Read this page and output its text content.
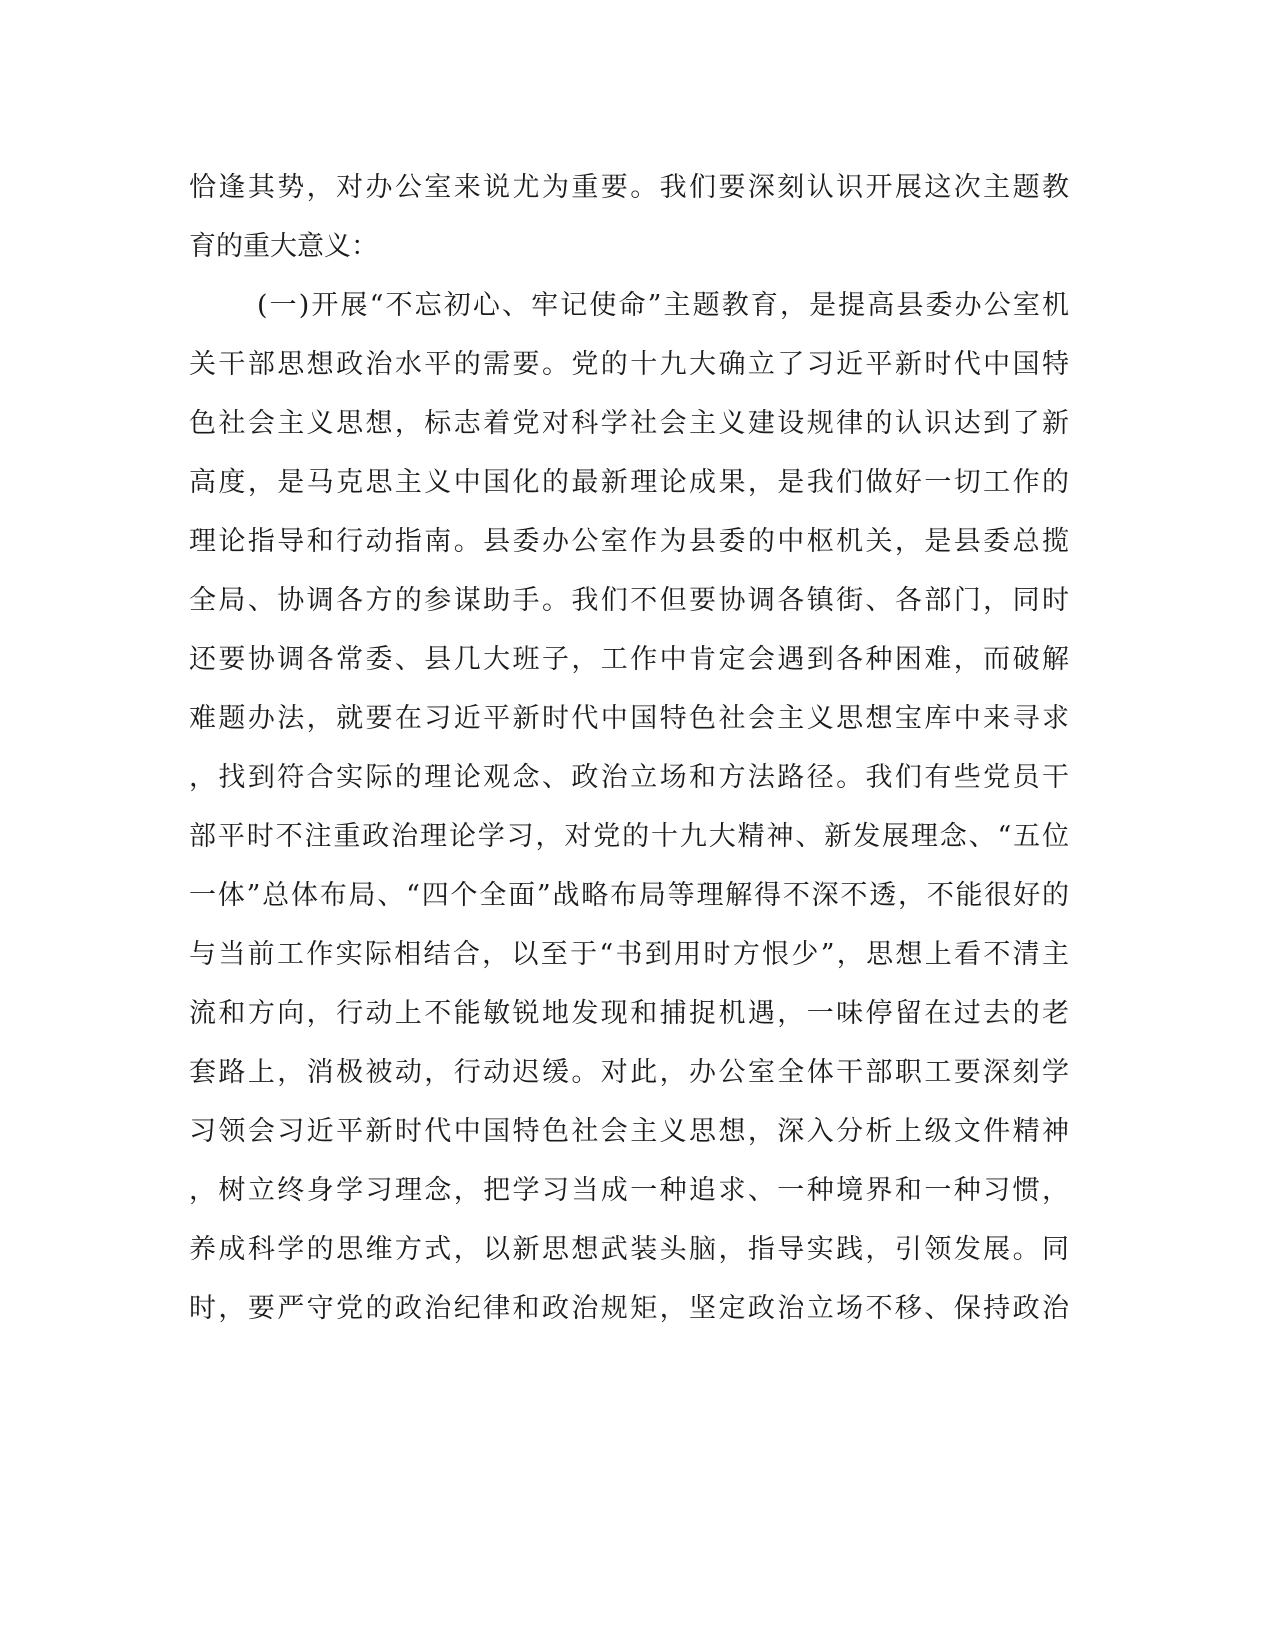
恰逢其势，对办公室来说尤为重要。我们要深刻认识开展这次主题教
育的重大意义：
(一)开展“不忘初心、牢记使命”主题教育，是提高县委办公室机
关干部思想政治水平的需要。党的十九大确立了习近平新时代中国特
色社会主义思想，标志着党对科学社会主义建设规律的认识达到了新
高度，是马克思主义中国化的最新理论成果，是我们做好一切工作的
理论指导和行动指南。县委办公室作为县委的中枢机关，是县委总揽
全局、协调各方的参谋助手。我们不但要协调各镇街、各部门，同时
还要协调各常委、县几大班子，工作中肯定会遇到各种困难，而破解
难题办法，就要在习近平新时代中国特色社会主义思想宝库中来寻求
，找到符合实际的理论观念、政治立场和方法路径。我们有些党员干
部平时不注重政治理论学习，对党的十九大精神、新发展理念、“五位
一体”总体布局、“四个全面”战略布局等理解得不深不透，不能很好的
与当前工作实际相结合，以至于“书到用时方恨少”，思想上看不清主
流和方向，行动上不能敏锐地发现和捕捉机遇，一味停留在过去的老
套路上，消极被动，行动迟缓。对此，办公室全体干部职工要深刻学
习领会习近平新时代中国特色社会主义思想，深入分析上级文件精神
，树立终身学习理念，把学习当成一种追求、一种境界和一种习惯，
养成科学的思维方式，以新思想武装头脑，指导实践，引领发展。同
时，要严守党的政治纪律和政治规矩，坚定政治立场不移、保持政治
